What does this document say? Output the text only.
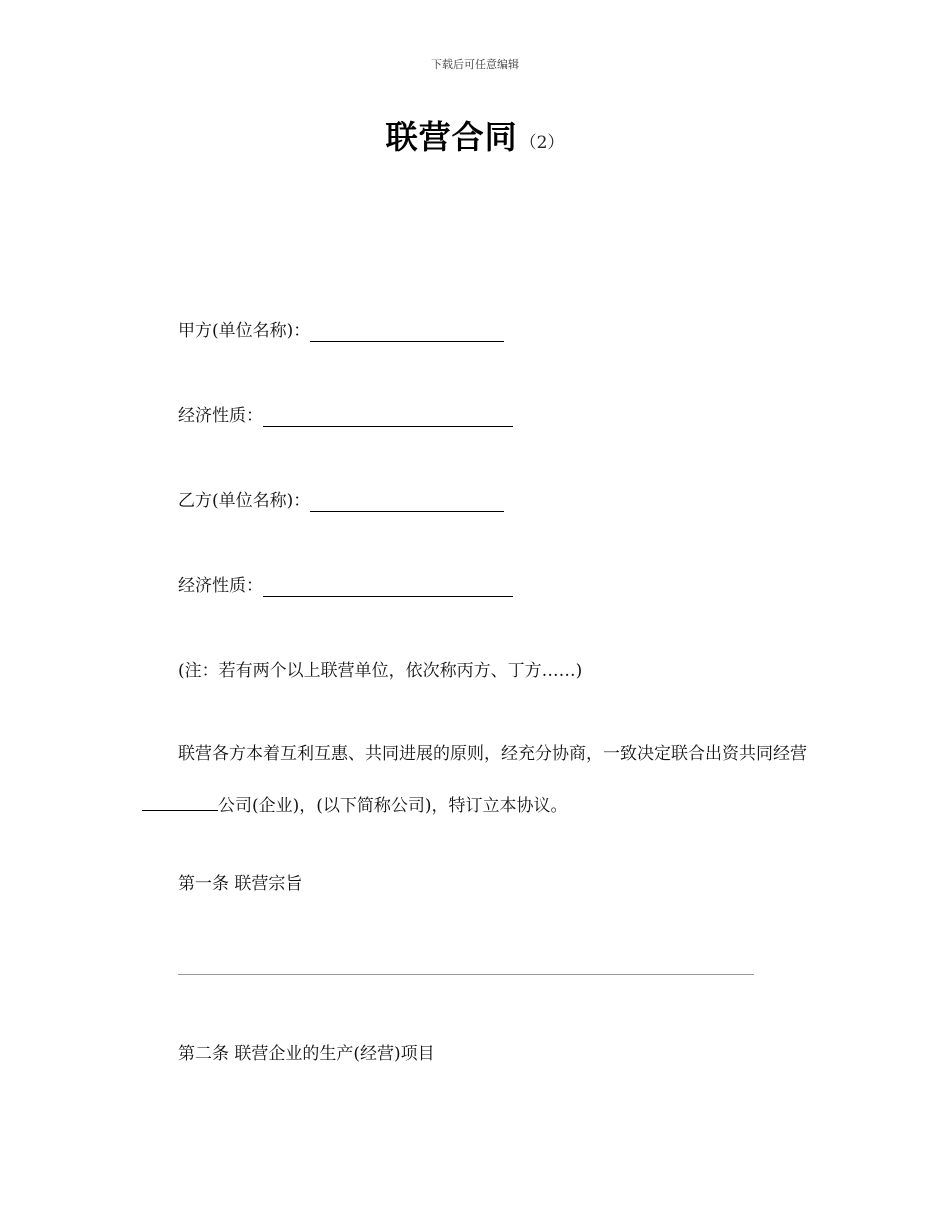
下载后可任意编辑
联营合同 （2）
甲方(单位名称)：
经济性质：
乙方(单位名称)：
经济性质：
(注：若有两个以上联营单位，依次称丙方、丁方……)
联营各方本着互利互惠、共同进展的原则，经充分协商，一致决定联合出资共同经营公司(企业)，(以下简称公司)，特订立本协议。
第一条 联营宗旨
第二条 联营企业的生产(经营)项目
